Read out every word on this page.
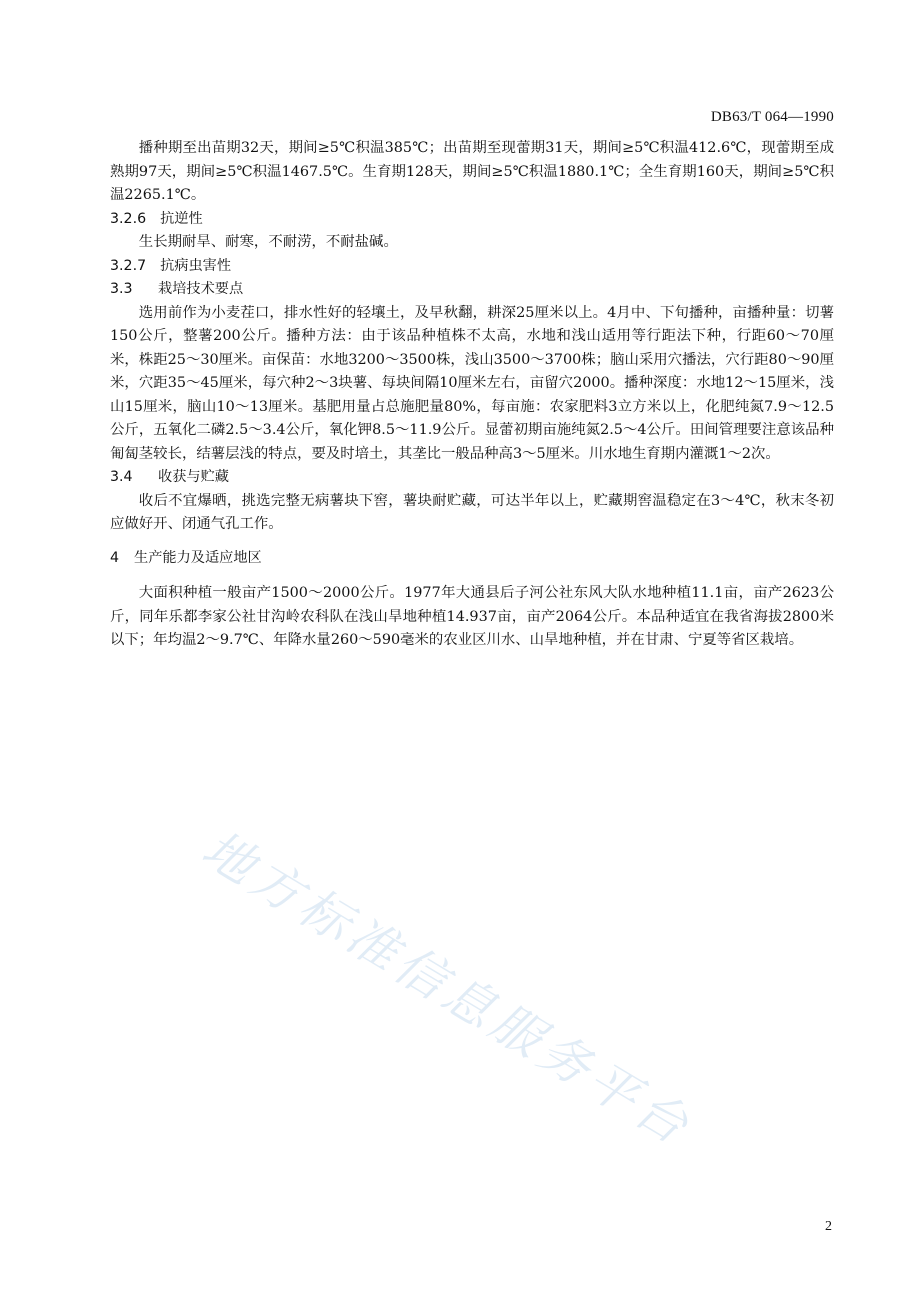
DB63/T 064—1990

播种期至出苗期32天，期间≥5℃积温385℃；出苗期至现蕾期31天，期间≥5℃积温412.6℃，现蕾期至成熟期97天，期间≥5℃积温1467.5℃。生育期128天，期间≥5℃积温1880.1℃；全生育期160天，期间≥5℃积温2265.1℃。

3.2.6 抗逆性

生长期耐旱、耐寒，不耐涝，不耐盐碱。

3.2.7 抗病虫害性
3.3 栽培技术要点

选用前作为小麦茬口，排水性好的轻壤土，及早秋翻，耕深25厘米以上。4月中、下旬播种，亩播种量：切薯150公斤，整薯200公斤。播种方法：由于该品种植株不太高，水地和浅山适用等行距法下种，行距60～70厘米，株距25～30厘米。亩保苗：水地3200～3500株，浅山3500～3700株；脑山采用穴播法，穴行距80～90厘米，穴距35～45厘米，每穴种2～3块薯、每块间隔10厘米左右，亩留穴2000。播种深度：水地12～15厘米，浅山15厘米，脑山10～13厘米。基肥用量占总施肥量80%，每亩施：农家肥料3立方米以上，化肥纯氮7.9～12.5公斤，五氧化二磷2.5～3.4公斤，氧化钾8.5～11.9公斤。显蕾初期亩施纯氮2.5～4公斤。田间管理要注意该品种匍匐茎较长，结薯层浅的特点，要及时培土，其垄比一般品种高3～5厘米。川水地生育期内灌溉1～2次。

3.4 收获与贮藏

收后不宜爆晒，挑选完整无病薯块下窖，薯块耐贮藏，可达半年以上，贮藏期窖温稳定在3～4℃，秋末冬初应做好开、闭通气孔工作。

4 生产能力及适应地区

大面积种植一般亩产1500～2000公斤。1977年大通县后子河公社东风大队水地种植11.1亩，亩产2623公斤，同年乐都李家公社甘沟岭农科队在浅山旱地种植14.937亩，亩产2064公斤。本品种适宜在我省海拔2800米以下；年均温2～9.7℃、年降水量260～590毫米的农业区川水、山旱地种植，并在甘肃、宁夏等省区栽培。

地方标准信息服务平台
2
